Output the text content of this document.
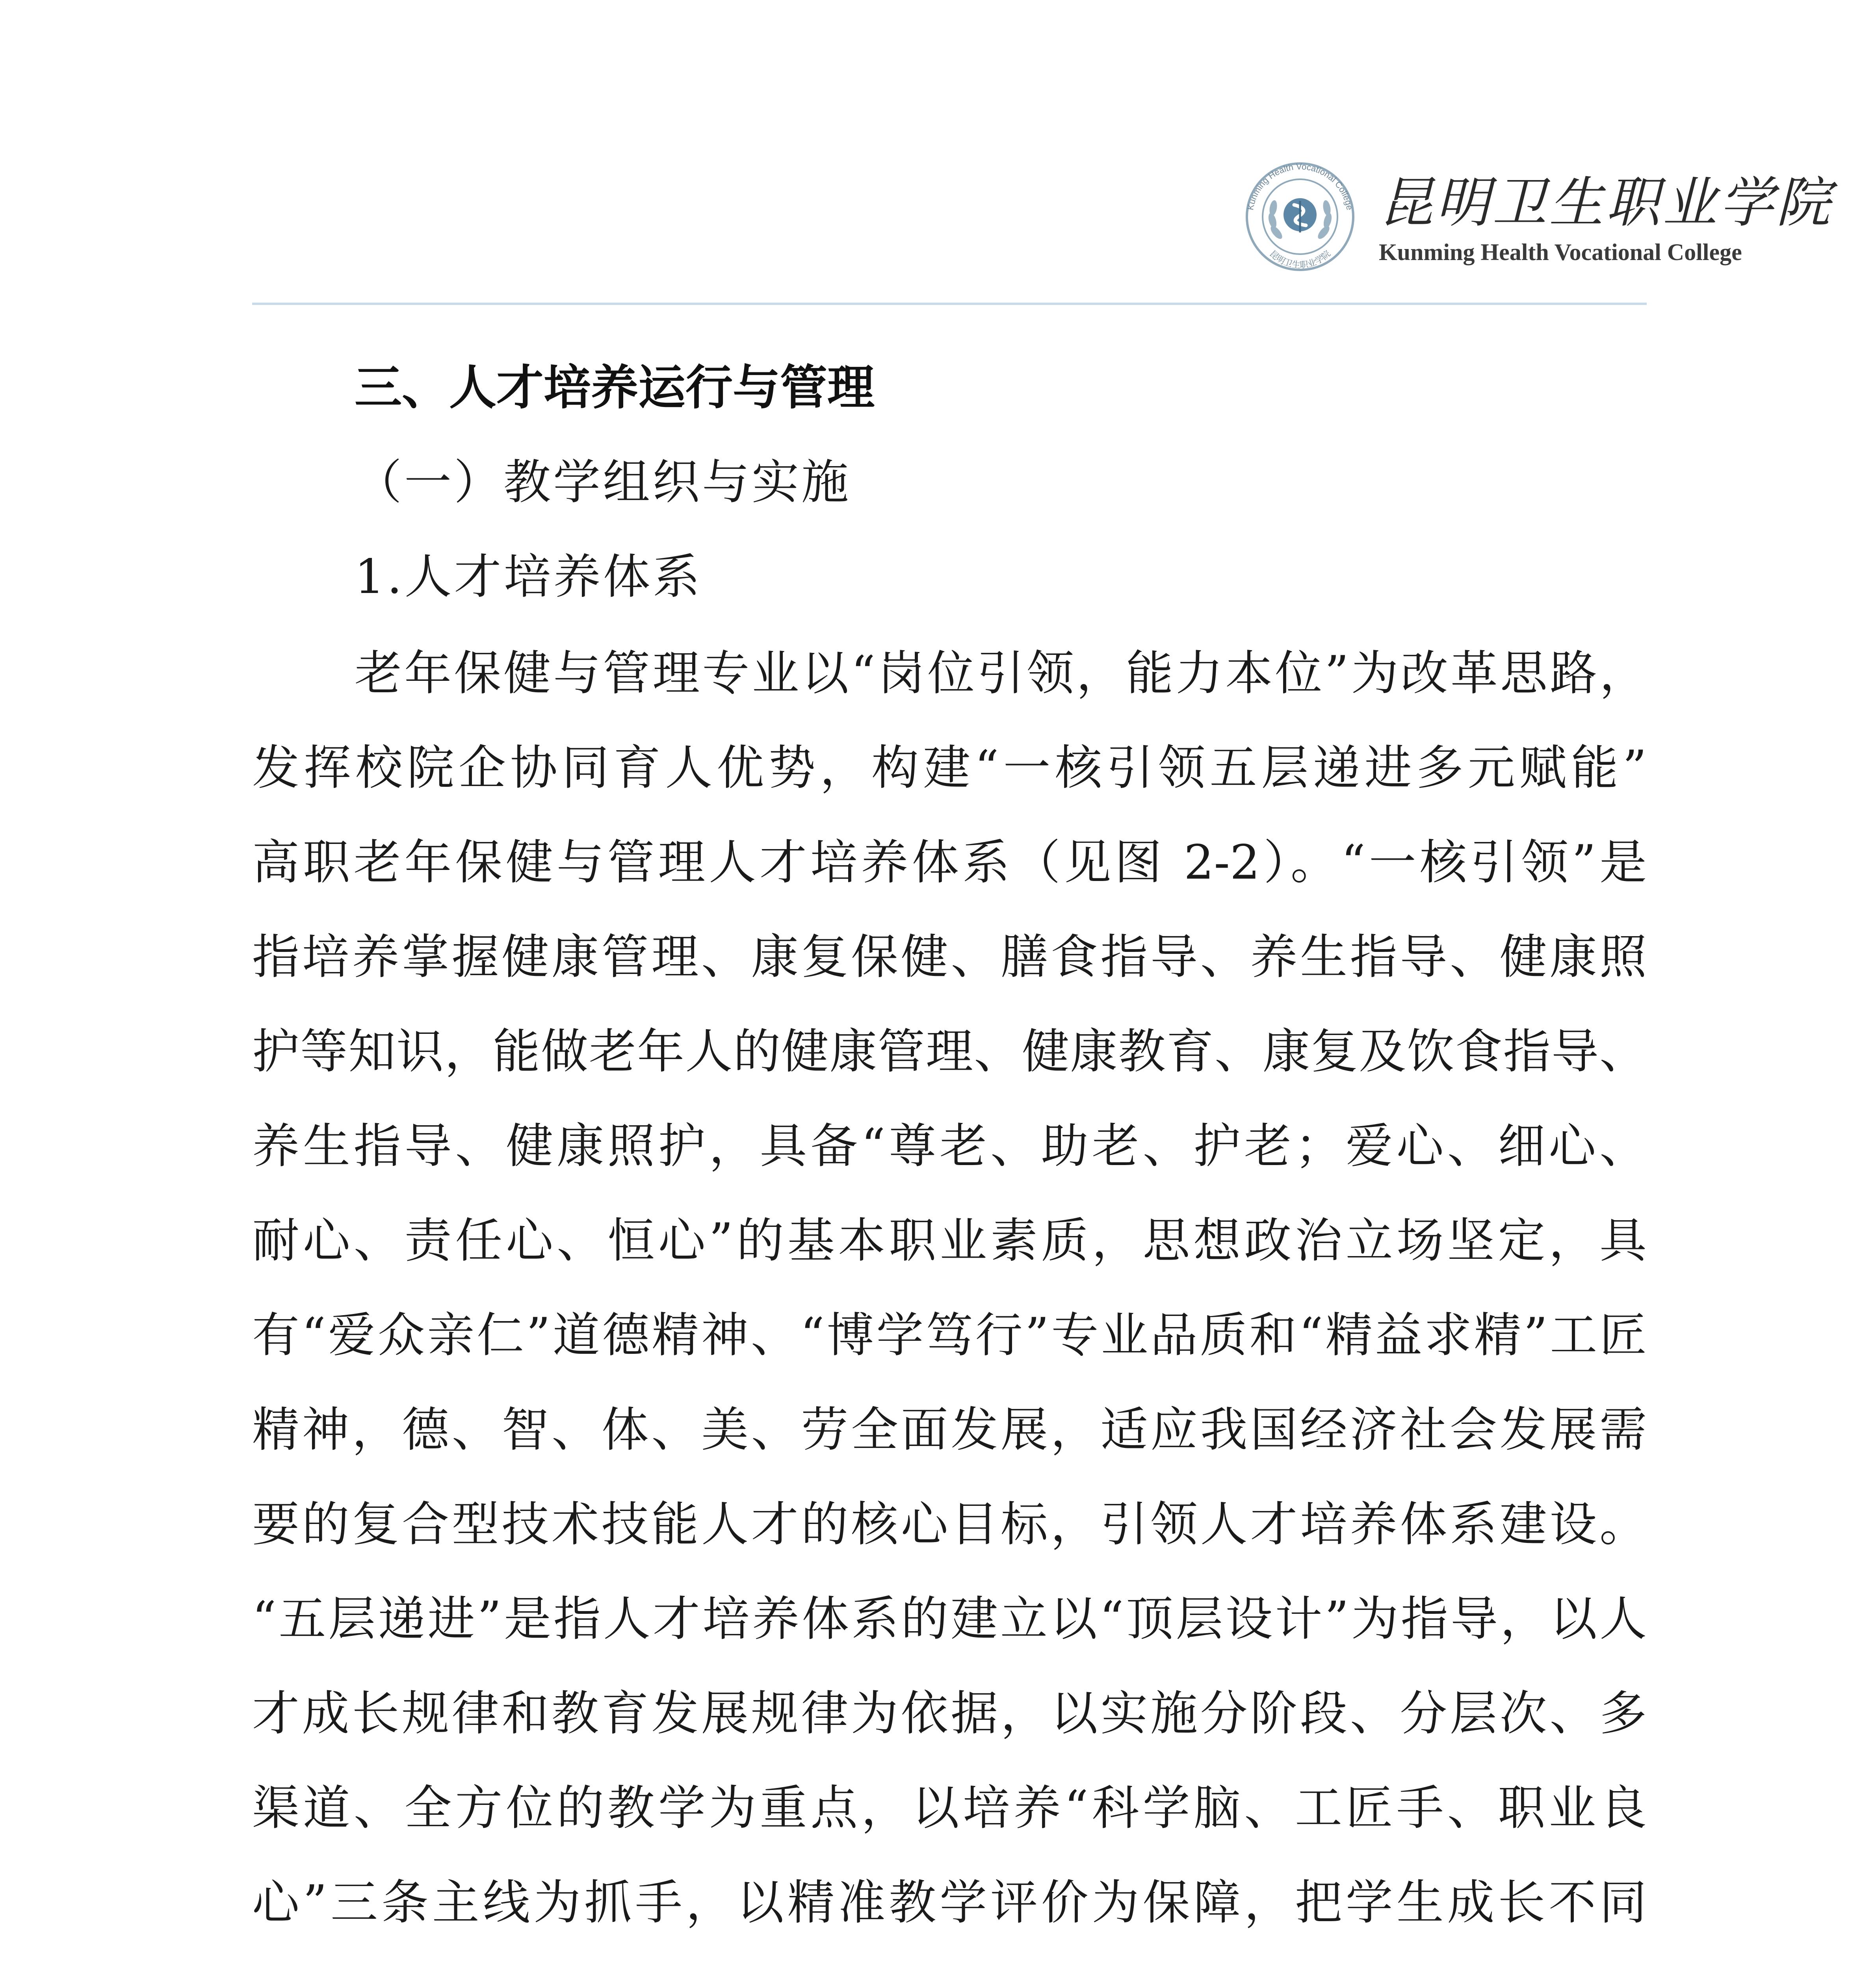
Kunming Health Vocational College
昆明卫生职业学院
昆明卫生职业学院
Kunming Health Vocational College
三、人才培养运行与管理
（一）教学组织与实施
1.人才培养体系
老年保健与管理专业以“岗位引领，能力本位”为改革思路，
发挥校院企协同育人优势，构建“一核引领五层递进多元赋能”
高职老年保健与管理人才培养体系（见图 2-2）。“一核引领”是
指培养掌握健康管理、康复保健、膳食指导、养生指导、健康照
护等知识，能做老年人的健康管理、健康教育、康复及饮食指导、
养生指导、健康照护，具备“尊老、助老、护老；爱心、细心、
耐心、责任心、恒心”的基本职业素质，思想政治立场坚定，具
有“爱众亲仁”道德精神、“博学笃行”专业品质和“精益求精”工匠
精神，德、智、体、美、劳全面发展，适应我国经济社会发展需
要的复合型技术技能人才的核心目标，引领人才培养体系建设。
“五层递进”是指人才培养体系的建立以“顶层设计”为指导，以人
才成长规律和教育发展规律为依据，以实施分阶段、分层次、多
渠道、全方位的教学为重点，以培养“科学脑、工匠手、职业良
心”三条主线为抓手，以精准教学评价为保障，把学生成长不同
